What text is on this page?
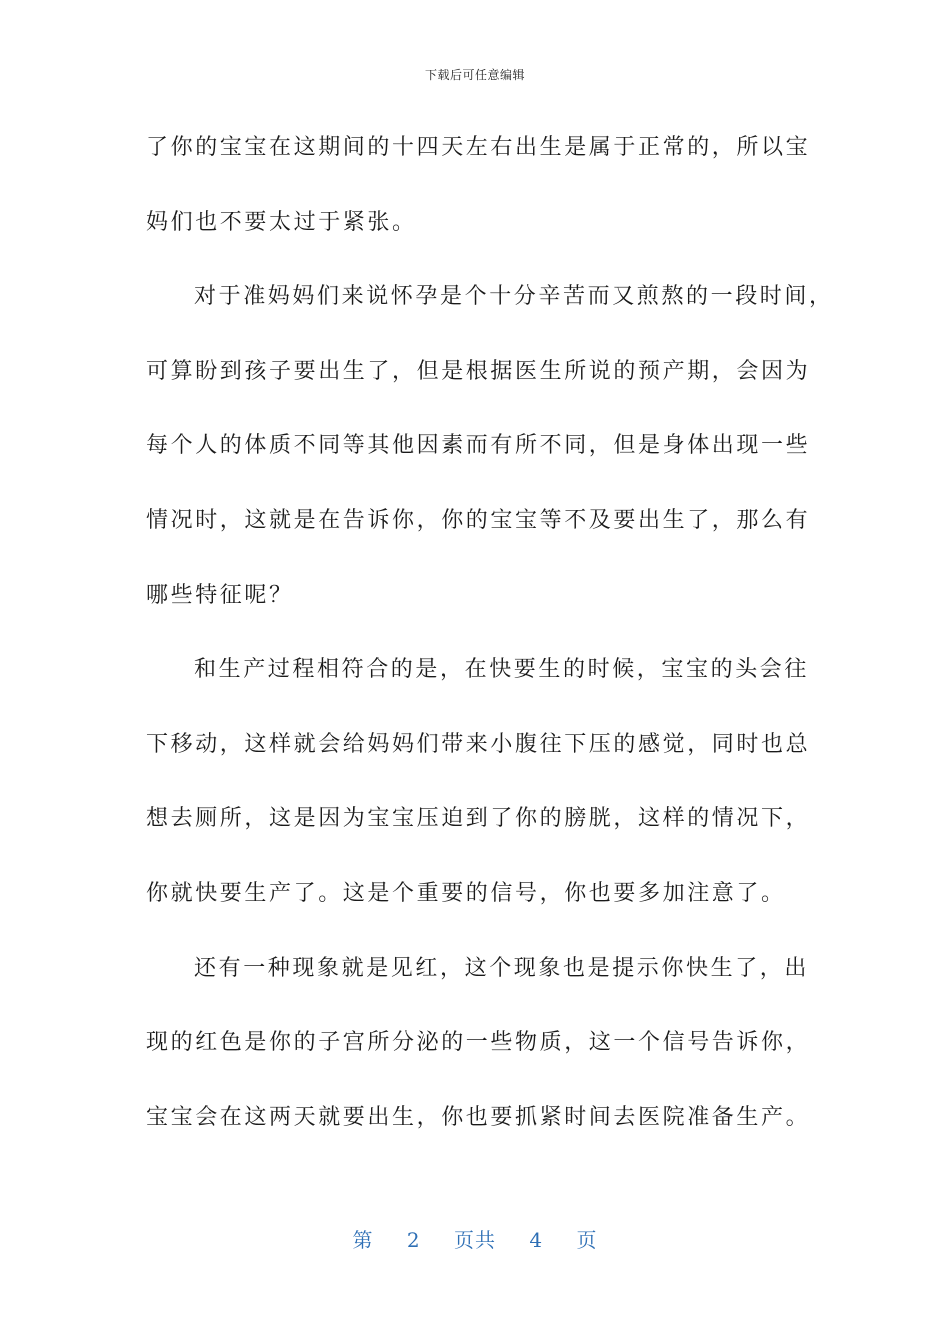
下载后可任意编辑
了你的宝宝在这期间的十四天左右出生是属于正常的，所以宝
妈们也不要太过于紧张。
对于准妈妈们来说怀孕是个十分辛苦而又煎熬的一段时间，
可算盼到孩子要出生了，但是根据医生所说的预产期，会因为
每个人的体质不同等其他因素而有所不同，但是身体出现一些
情况时，这就是在告诉你，你的宝宝等不及要出生了，那么有
哪些特征呢？
和生产过程相符合的是，在快要生的时候，宝宝的头会往
下移动，这样就会给妈妈们带来小腹往下压的感觉，同时也总
想去厕所，这是因为宝宝压迫到了你的膀胱，这样的情况下，
你就快要生产了。这是个重要的信号，你也要多加注意了。
还有一种现象就是见红，这个现象也是提示你快生了，出
现的红色是你的子宫所分泌的一些物质，这一个信号告诉你，
宝宝会在这两天就要出生，你也要抓紧时间去医院准备生产。
第 2 页共 4 页
